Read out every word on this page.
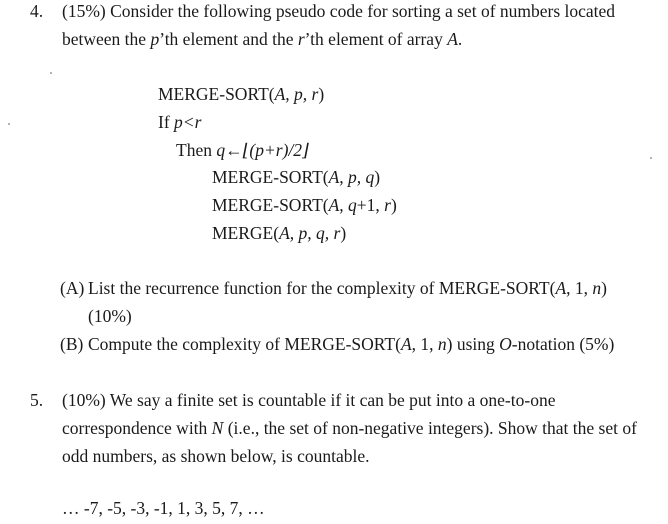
4. (15%) Consider the following pseudo code for sorting a set of numbers located
between the p’th element and the r’th element of array A.
MERGE-SORT(A, p, r)
If p<r
Then q←⌊(p+r)/2⌋
MERGE-SORT(A, p, q)
MERGE-SORT(A, q+1, r)
MERGE(A, p, q, r)
(A) List the recurrence function for the complexity of MERGE-SORT(A, 1, n)
(10%)
(B) Compute the complexity of MERGE-SORT(A, 1, n) using O-notation (5%)
5. (10%) We say a finite set is countable if it can be put into a one-to-one
correspondence with N (i.e., the set of non-negative integers). Show that the set of
odd numbers, as shown below, is countable.
… -7, -5, -3, -1, 1, 3, 5, 7, …
